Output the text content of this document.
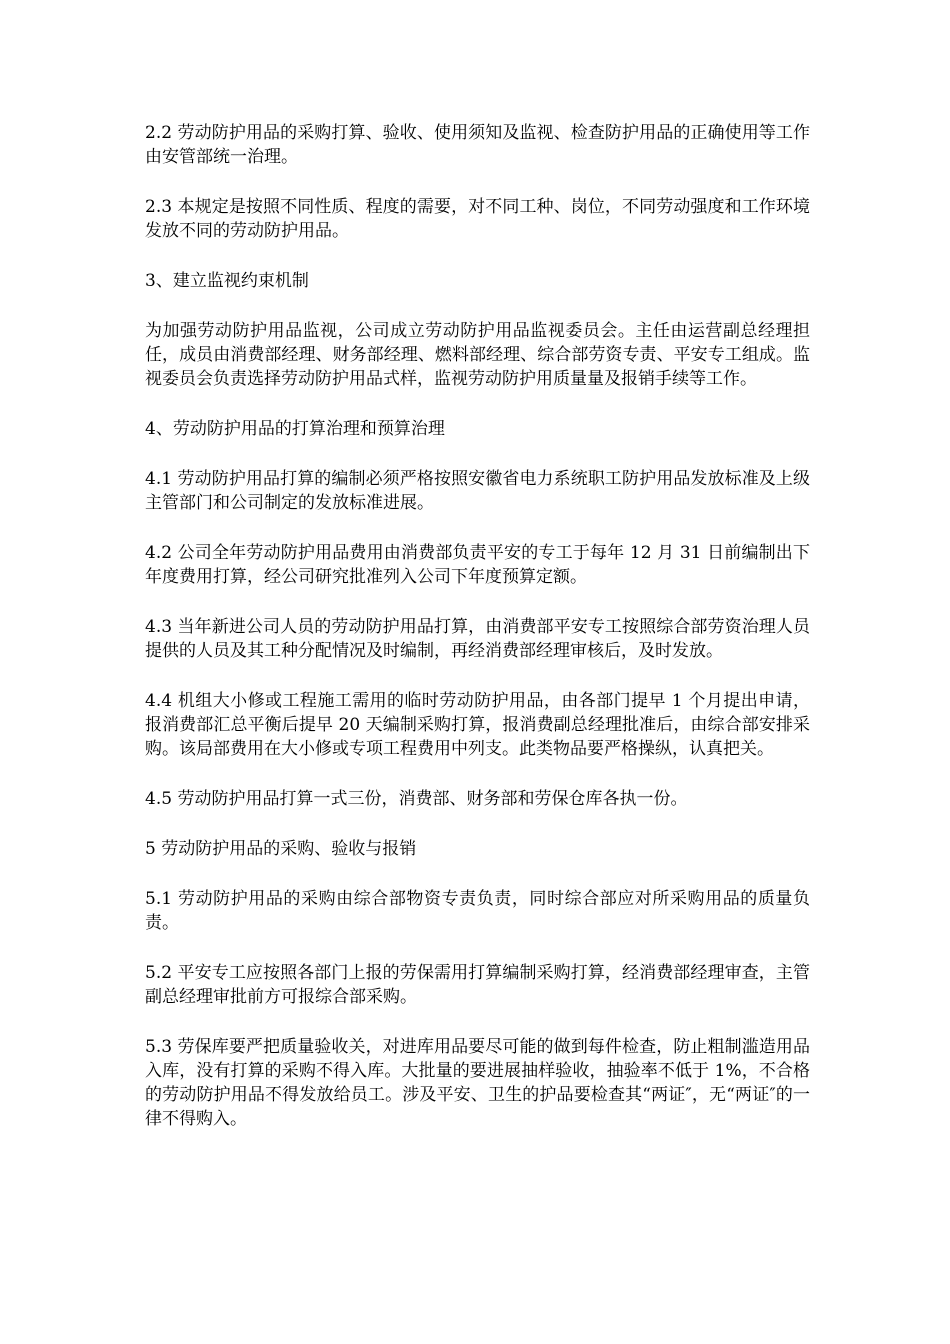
2.2 劳动防护用品的采购打算、验收、使用须知及监视、检查防护用品的正确使用等工作由安管部统一治理。

2.3 本规定是按照不同性质、程度的需要，对不同工种、岗位，不同劳动强度和工作环境发放不同的劳动防护用品。

3、建立监视约束机制

为加强劳动防护用品监视，公司成立劳动防护用品监视委员会。主任由运营副总经理担任，成员由消费部经理、财务部经理、燃料部经理、综合部劳资专责、平安专工组成。监视委员会负责选择劳动防护用品式样，监视劳动防护用质量量及报销手续等工作。

4、劳动防护用品的打算治理和预算治理

4.1 劳动防护用品打算的编制必须严格按照安徽省电力系统职工防护用品发放标准及上级主管部门和公司制定的发放标准进展。

4.2 公司全年劳动防护用品费用由消费部负责平安的专工于每年 12 月 31 日前编制出下年度费用打算，经公司研究批准列入公司下年度预算定额。

4.3 当年新进公司人员的劳动防护用品打算，由消费部平安专工按照综合部劳资治理人员提供的人员及其工种分配情况及时编制，再经消费部经理审核后，及时发放。

4.4 机组大小修或工程施工需用的临时劳动防护用品，由各部门提早 1 个月提出申请，报消费部汇总平衡后提早 20 天编制采购打算，报消费副总经理批准后，由综合部安排采购。该局部费用在大小修或专项工程费用中列支。此类物品要严格操纵，认真把关。

4.5 劳动防护用品打算一式三份，消费部、财务部和劳保仓库各执一份。

5 劳动防护用品的采购、验收与报销

5.1 劳动防护用品的采购由综合部物资专责负责，同时综合部应对所采购用品的质量负责。

5.2 平安专工应按照各部门上报的劳保需用打算编制采购打算，经消费部经理审查，主管副总经理审批前方可报综合部采购。

5.3 劳保库要严把质量验收关，对进库用品要尽可能的做到每件检查，防止粗制滥造用品入库，没有打算的采购不得入库。大批量的要进展抽样验收，抽验率不低于 1%，不合格的劳动防护用品不得发放给员工。涉及平安、卫生的护品要检查其“两证″，无“两证″的一律不得购入。
